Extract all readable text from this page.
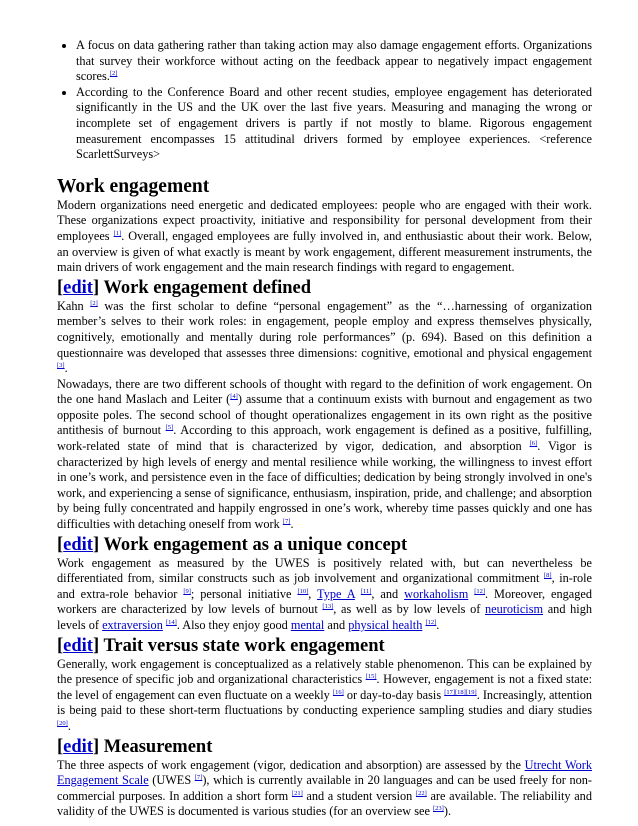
• A focus on data gathering rather than taking action may also damage engagement efforts. Organizations that survey their workforce without acting on the feedback appear to negatively impact engagement scores.[2]
• According to the Conference Board and other recent studies, employee engagement has deteriorated significantly in the US and the UK over the last five years. Measuring and managing the wrong or incomplete set of engagement drivers is partly if not mostly to blame. Rigorous engagement measurement encompasses 15 attitudinal drivers formed by employee experiences. <reference ScarlettSurveys>
Work engagement

Modern organizations need energetic and dedicated employees: people who are engaged with their work. These organizations expect proactivity, initiative and responsibility for personal development from their employees [1]. Overall, engaged employees are fully involved in, and enthusiastic about their work. Below, an overview is given of what exactly is meant by work engagement, different measurement instruments, the main drivers of work engagement and the main research findings with regard to engagement.

[edit] Work engagement defined

Kahn [2] was the first scholar to define “personal engagement” as the “…harnessing of organization member’s selves to their work roles: in engagement, people employ and express themselves physically, cognitively, emotionally and mentally during role performances” (p. 694). Based on this definition a questionnaire was developed that assesses three dimensions: cognitive, emotional and physical engagement [3].

Nowadays, there are two different schools of thought with regard to the definition of work engagement. On the one hand Maslach and Leiter ([4]) assume that a continuum exists with burnout and engagement as two opposite poles. The second school of thought operationalizes engagement in its own right as the positive antithesis of burnout [5]. According to this approach, work engagement is defined as a positive, fulfilling, work-related state of mind that is characterized by vigor, dedication, and absorption [6]. Vigor is characterized by high levels of energy and mental resilience while working, the willingness to invest effort in one’s work, and persistence even in the face of difficulties; dedication by being strongly involved in one's work, and experiencing a sense of significance, enthusiasm, inspiration, pride, and challenge; and absorption by being fully concentrated and happily engrossed in one’s work, whereby time passes quickly and one has difficulties with detaching oneself from work [7].

[edit] Work engagement as a unique concept

Work engagement as measured by the UWES is positively related with, but can nevertheless be differentiated from, similar constructs such as job involvement and organizational commitment [8], in-role and extra-role behavior [9]; personal initiative [10], Type A [11], and workaholism [12]. Moreover, engaged workers are characterized by low levels of burnout [13], as well as by low levels of neuroticism and high levels of extraversion [14]. Also they enjoy good mental and physical health [12].

[edit] Trait versus state work engagement

Generally, work engagement is conceptualized as a relatively stable phenomenon. This can be explained by the presence of specific job and organizational characteristics [15]. However, engagement is not a fixed state: the level of engagement can even fluctuate on a weekly [16] or day-to-day basis [17][18][19]. Increasingly, attention is being paid to these short-term fluctuations by conducting experience sampling studies and diary studies [20].

[edit] Measurement

The three aspects of work engagement (vigor, dedication and absorption) are assessed by the Utrecht Work Engagement Scale (UWES [7]), which is currently available in 20 languages and can be used freely for non-commercial purposes. In addition a short form [21] and a student version [22] are available. The reliability and validity of the UWES is documented is various studies (for an overview see [23]).
